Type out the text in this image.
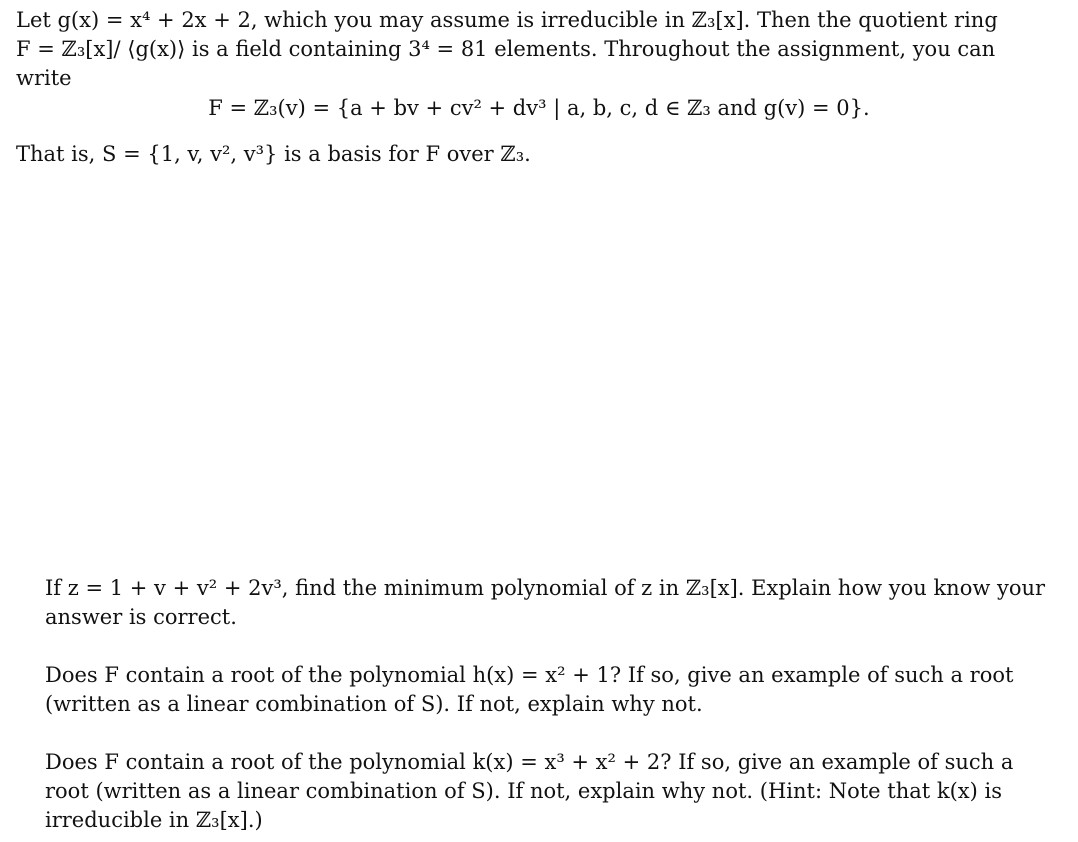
Let g(x) = x⁴ + 2x + 2, which you may assume is irreducible in ℤ₃[x]. Then the quotient ring
F = ℤ₃[x]/ ⟨g(x)⟩ is a field containing 3⁴ = 81 elements. Throughout the assignment, you can
write
F = ℤ₃(v) = {a + bv + cv² + dv³ | a, b, c, d ∈ ℤ₃ and g(v) = 0}.
That is, S = {1, v, v², v³} is a basis for F over ℤ₃.
If z = 1 + v + v² + 2v³, find the minimum polynomial of z in ℤ₃[x]. Explain how you know your
answer is correct.
Does F contain a root of the polynomial h(x) = x² + 1? If so, give an example of such a root
(written as a linear combination of S). If not, explain why not.
Does F contain a root of the polynomial k(x) = x³ + x² + 2? If so, give an example of such a
root (written as a linear combination of S). If not, explain why not. (Hint: Note that k(x) is
irreducible in ℤ₃[x].)
